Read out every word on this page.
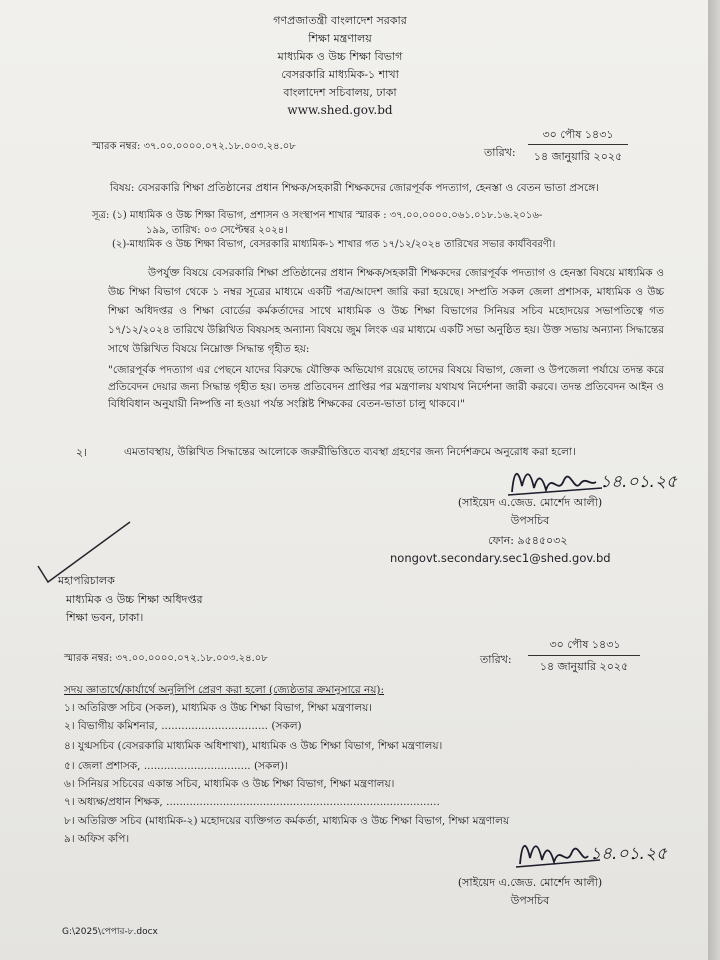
গণপ্রজাতন্ত্রী বাংলাদেশ সরকার
শিক্ষা মন্ত্রণালয়
মাধ্যমিক ও উচ্চ শিক্ষা বিভাগ
বেসরকারি মাধ্যমিক-১ শাখা
বাংলাদেশ সচিবালয়, ঢাকা
www.shed.gov.bd
স্মারক নম্বর: ৩৭.০০.০০০০.০৭২.১৮.০০৩.২৪.০৮	তারিখ:
৩০ পৌষ ১৪৩১
১৪ জানুয়ারি ২০২৫
বিষয়: বেসরকারি শিক্ষা প্রতিষ্ঠানের প্রধান শিক্ষক/সহকারী শিক্ষকদের জোরপূর্বক পদত্যাগ, হেনস্তা ও বেতন ভাতা প্রসঙ্গে।
সূত্র: (১) মাধ্যমিক ও উচ্চ শিক্ষা বিভাগ, প্রশাসন ও সংস্থাপন শাখার স্মারক : ৩৭.০০.০০০০.০৬১.০১৮.১৬.২০১৬-
১৯৯, তারিখ: ০৩ সেপ্টেম্বর ২০২৪।
(২)-মাধ্যমিক ও উচ্চ শিক্ষা বিভাগ, বেসরকারি মাধ্যমিক-১ শাখার গত ১৭/১২/২০২৪ তারিখের সভার কার্যবিবরণী।
উপর্যুক্ত বিষয়ে বেসরকারি শিক্ষা প্রতিষ্ঠানের প্রধান শিক্ষক/সহকারী শিক্ষকদের জোরপূর্বক পদত্যাগ ও হেনস্তা বিষয়ে মাধ্যমিক ও উচ্চ শিক্ষা বিভাগ থেকে ১ নম্বর সূত্রের মাধ্যমে একটি পত্র/আদেশ জারি করা হয়েছে। সম্প্রতি সকল জেলা প্রশাসক, মাধ্যমিক ও উচ্চ শিক্ষা অধিদপ্তর ও শিক্ষা বোর্ডের কর্মকর্তাদের সাথে মাধ্যমিক ও উচ্চ শিক্ষা বিভাগের সিনিয়র সচিব মহোদয়ের সভাপতিত্বে গত ১৭/১২/২০২৪ তারিখে উল্লিখিত বিষয়সহ অন্যান্য বিষয়ে জুম লিংক এর মাধ্যমে একটি সভা অনুষ্ঠিত হয়। উক্ত সভায় অন্যান্য সিদ্ধান্তের সাথে উল্লিখিত বিষয়ে নিম্নোক্ত সিদ্ধান্ত গৃহীত হয়:
"জোরপূর্বক পদত্যাগ এর পেছনে যাদের বিরুদ্ধে যৌক্তিক অভিযোগ রয়েছে তাদের বিষয়ে বিভাগ, জেলা ও উপজেলা পর্যায়ে তদন্ত করে প্রতিবেদন দেয়ার জন্য সিদ্ধান্ত গৃহীত হয়। তদন্ত প্রতিবেদন প্রাপ্তির পর মন্ত্রণালয় যথাযথ নির্দেশনা জারী করবে। তদন্ত প্রতিবেদন আইন ও বিধিবিধান অনুযায়ী নিষ্পত্তি না হওয়া পর্যন্ত সংশ্লিষ্ট শিক্ষকের বেতন-ভাতা চালু থাকবে।"
২।	এমতাবস্থায়, উল্লিখিত সিদ্ধান্তের আলোকে জরুরীভিত্তিতে ব্যবস্থা গ্রহণের জন্য নির্দেশক্রমে অনুরোধ করা হলো।
১৪.০১.২৫
(সাইয়েদ এ.জেড. মোর্শেদ আলী)
উপসচিব
ফোন: ৯৫৪৫০৩২
nongovt.secondary.sec1@shed.gov.bd
মহাপরিচালক
মাধ্যমিক ও উচ্চ শিক্ষা অধিদপ্তর
শিক্ষা ভবন, ঢাকা।
স্মারক নম্বর: ৩৭.০০.০০০০.০৭২.১৮.০০৩.২৪.০৮	তারিখ:
৩০ পৌষ ১৪৩১
১৪ জানুয়ারি ২০২৫
সদয় জ্ঞাতার্থে/কার্যার্থে অনুলিপি প্রেরণ করা হলো (জ্যেষ্ঠতার ক্রমানুসারে নয়):
১। অতিরিক্ত সচিব (সকল), মাধ্যমিক ও উচ্চ শিক্ষা বিভাগ, শিক্ষা মন্ত্রণালয়।
২। বিভাগীয় কমিশনার, ................................ (সকল)
৪। যুগ্মসচিব (বেসরকারি মাধ্যমিক অধিশাখা), মাধ্যমিক ও উচ্চ শিক্ষা বিভাগ, শিক্ষা মন্ত্রণালয়।
৫। জেলা প্রশাসক, ................................ (সকল)।
৬। সিনিয়র সচিবের একান্ত সচিব, মাধ্যমিক ও উচ্চ শিক্ষা বিভাগ, শিক্ষা মন্ত্রণালয়।
৭। অধ্যক্ষ/প্রধান শিক্ষক, ..................................................................................
৮। অতিরিক্ত সচিব (মাধ্যমিক-২) মহোদয়ের ব্যক্তিগত কর্মকর্তা, মাধ্যমিক ও উচ্চ শিক্ষা বিভাগ, শিক্ষা মন্ত্রণালয়
৯। অফিস কপি।
১৪.০১.২৫
(সাইয়েদ এ.জেড. মোর্শেদ আলী)
উপসচিব
G:\2025\পেপার-৮.docx
